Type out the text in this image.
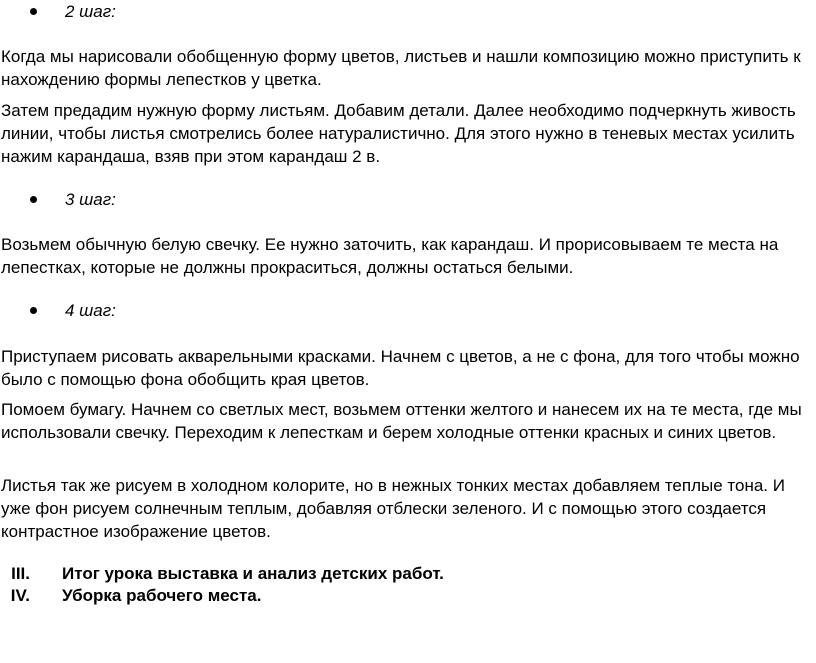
2 шаг:

Когда мы нарисовали обобщенную форму цветов, листьев и нашли композицию можно приступить к нахождению формы лепестков у цветка.

Затем предадим нужную форму листьям. Добавим детали. Далее необходимо подчеркнуть живость линии, чтобы листья смотрелись более натуралистично. Для этого нужно в теневых местах усилить нажим карандаша, взяв при этом карандаш 2 в.

3 шаг:

Возьмем обычную белую свечку. Ее нужно заточить, как карандаш. И прорисовываем те места на лепестках, которые не должны прокраситься, должны остаться белыми.

4 шаг:

Приступаем рисовать акварельными красками. Начнем с цветов, а не с фона, для того чтобы можно было с помощью фона обобщить края цветов.

Помоем бумагу. Начнем со светлых мест, возьмем оттенки желтого и нанесем их на те места, где мы использовали свечку. Переходим к лепесткам и берем холодные оттенки красных и синих цветов.

Листья так же рисуем в холодном колорите, но в нежных тонких местах добавляем теплые тона. И уже фон рисуем солнечным теплым, добавляя отблески зеленого. И с помощью этого создается контрастное изображение цветов.

III. Итог урока выставка и анализ детских работ.
IV. Уборка рабочего места.
